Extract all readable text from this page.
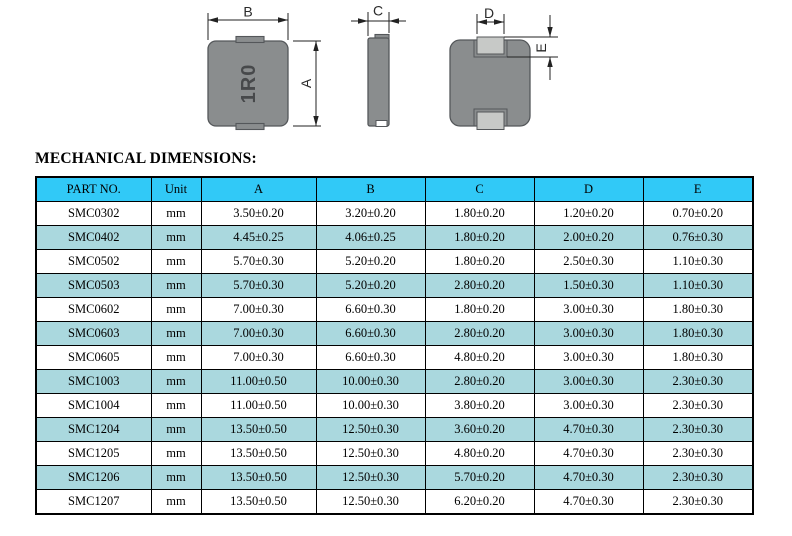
1R0
B
A
C	D
E
MECHANICAL DIMENSIONS:
PART NO.	Unit	A	B	C	D	E
SMC0302	mm	3.50±0.20	3.20±0.20	1.80±0.20	1.20±0.20	0.70±0.20
SMC0402	mm	4.45±0.25	4.06±0.25	1.80±0.20	2.00±0.20	0.76±0.30
SMC0502	mm	5.70±0.30	5.20±0.20	1.80±0.20	2.50±0.30	1.10±0.30
SMC0503	mm	5.70±0.30	5.20±0.20	2.80±0.20	1.50±0.30	1.10±0.30
SMC0602	mm	7.00±0.30	6.60±0.30	1.80±0.20	3.00±0.30	1.80±0.30
SMC0603	mm	7.00±0.30	6.60±0.30	2.80±0.20	3.00±0.30	1.80±0.30
SMC0605	mm	7.00±0.30	6.60±0.30	4.80±0.20	3.00±0.30	1.80±0.30
SMC1003	mm	11.00±0.50	10.00±0.30	2.80±0.20	3.00±0.30	2.30±0.30
SMC1004	mm	11.00±0.50	10.00±0.30	3.80±0.20	3.00±0.30	2.30±0.30
SMC1204	mm	13.50±0.50	12.50±0.30	3.60±0.20	4.70±0.30	2.30±0.30
SMC1205	mm	13.50±0.50	12.50±0.30	4.80±0.20	4.70±0.30	2.30±0.30
SMC1206	mm	13.50±0.50	12.50±0.30	5.70±0.20	4.70±0.30	2.30±0.30
SMC1207	mm	13.50±0.50	12.50±0.30	6.20±0.20	4.70±0.30	2.30±0.30
